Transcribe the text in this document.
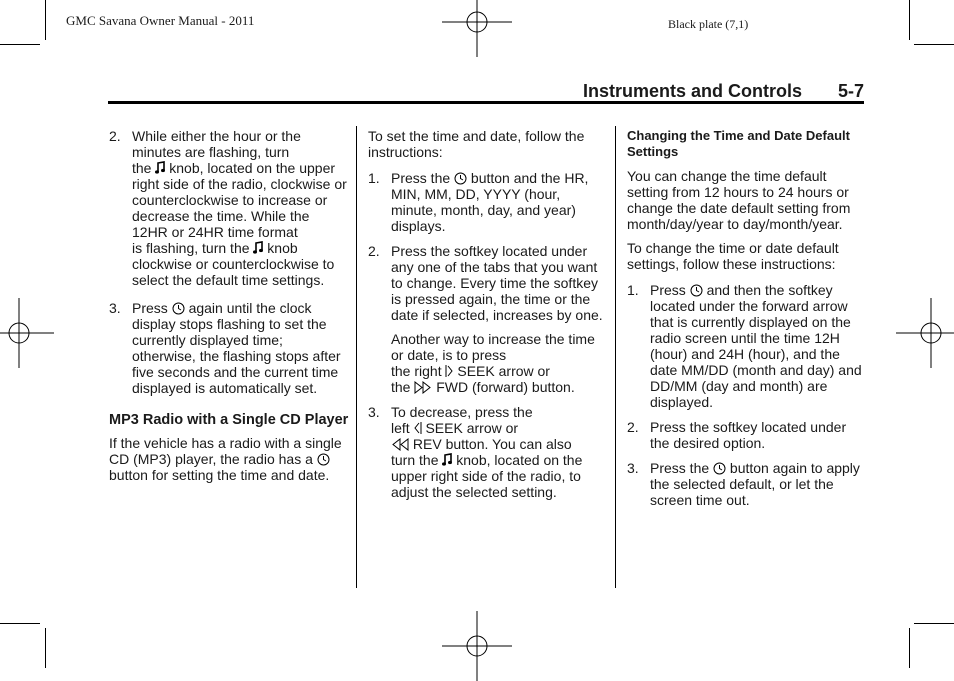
GMC Savana Owner Manual - 2011	Black plate (7,1)
Instruments and Controls 5-7
2. While either the hour or the minutes are flashing, turn
the knob, located on the upper right side of the radio, clockwise or counterclockwise to increase or decrease the time. While the 12HR or 24HR time format
is flashing, turn the knob clockwise or counterclockwise to select the default time settings.

3. Press again until the clock display stops flashing to set the currently displayed time; otherwise, the flashing stops after five seconds and the current time displayed is automatically set.

MP3 Radio with a Single CD Player

If the vehicle has a radio with a single CD (MP3) player, the radio has a  button for setting the time and date.

To set the time and date, follow the instructions:

1. Press the button and the HR, MIN, MM, DD, YYYY (hour, minute, month, day, and year) displays.

2. Press the softkey located under any one of the tabs that you want to change. Every time the softkey is pressed again, the time or the date if selected, increases by one.

Another way to increase the time or date, is to press
the right SEEK arrow or
the FWD (forward) button.

3. To decrease, press the
left SEEK arrow or
REV button. You can also
turn the knob, located on the upper right side of the radio, to adjust the selected setting.

Changing the Time and Date Default Settings

You can change the time default setting from 12 hours to 24 hours or change the date default setting from month/day/year to day/month/year.

To change the time or date default settings, follow these instructions:

1. Press and then the softkey located under the forward arrow that is currently displayed on the radio screen until the time 12H (hour) and 24H (hour), and the date MM/DD (month and day) and DD/MM (day and month) are displayed.

2. Press the softkey located under the desired option.

3. Press the button again to apply the selected default, or let the screen time out.
